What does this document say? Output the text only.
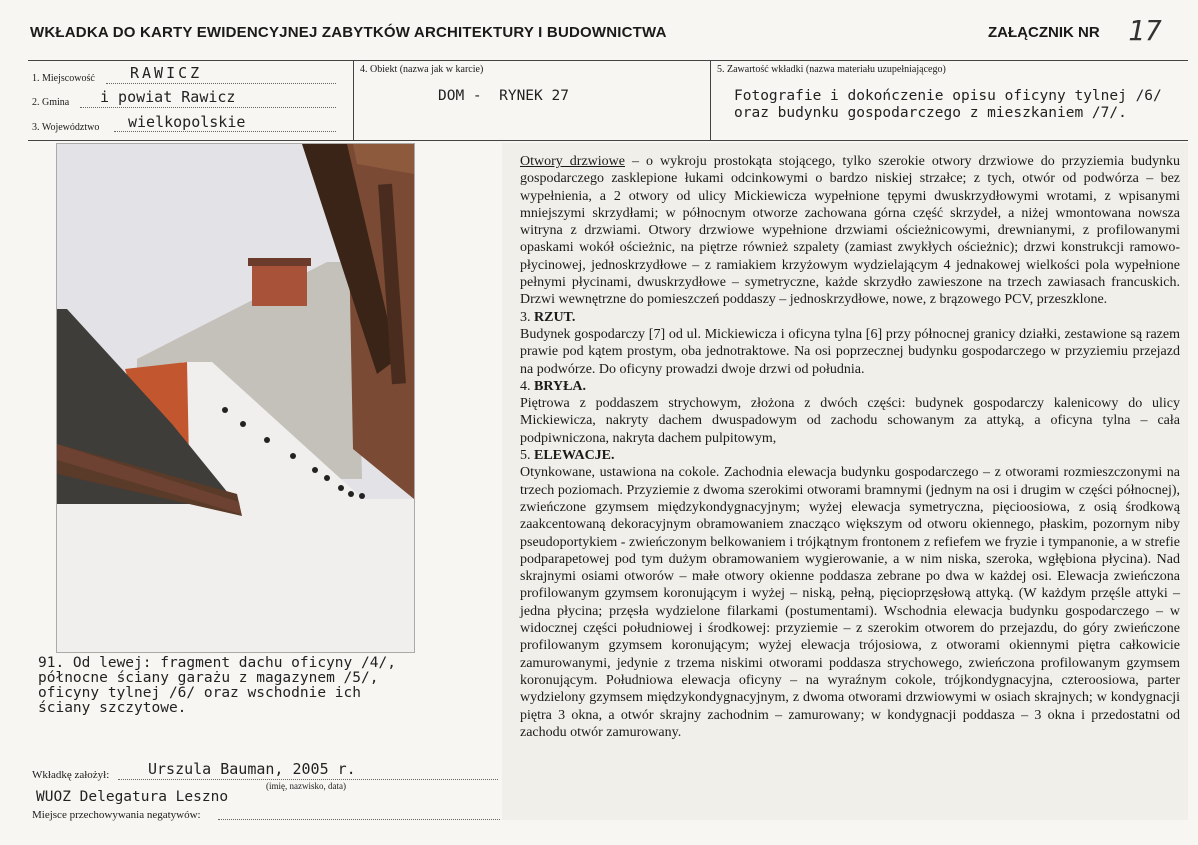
WKŁADKA DO KARTY EWIDENCYJNEJ ZABYTKÓW ARCHITEKTURY I BUDOWNICTWA	ZAŁĄCZNIK NR 17
1. Miejscowość RAWICZ
2. Gmina i powiat Rawicz
3. Województwo wielkopolskie
4. Obiekt (nazwa jak w karcie)
DOM -  RYNEK 27
5. Zawartość wkładki (nazwa materiału uzupełniającego)
Fotografie i dokończenie opisu oficyny tylnej /6/
oraz budynku gospodarczego z mieszkaniem /7/.
91. Od lewej: fragment dachu oficyny /4/,
północne ściany garażu z magazynem /5/,
oficyny tylnej /6/ oraz wschodnie ich
ściany szczytowe.
Wkładkę założył:	Urszula Bauman, 2005 r.
(imię, nazwisko, data)
WUOZ Delegatura Leszno
Miejsce przechowywania negatywów:

Otwory drzwiowe – o wykroju prostokąta stojącego, tylko szerokie otwory drzwiowe do przyziemia budynku gospodarczego zasklepione łukami odcinkowymi o bardzo niskiej strzałce; z tych, otwór od podwórza – bez wypełnienia, a 2 otwory od ulicy Mickiewicza wypełnione tępymi dwuskrzydłowymi wrotami, z wpisanymi mniejszymi skrzydłami; w północnym otworze zachowana górna część skrzydeł, a niżej wmontowana nowsza witryna z drzwiami. Otwory drzwiowe wypełnione drzwiami ościeżnicowymi, drewnianymi, z profilowanymi opaskami wokół ościeżnic, na piętrze również szpalety (zamiast zwykłych ościeżnic); drzwi konstrukcji ramowo-płycinowej, jednoskrzydłowe – z ramiakiem krzyżowym wydzielającym 4 jednakowej wielkości pola wypełnione pełnymi płycinami, dwuskrzydłowe – symetryczne, każde skrzydło zawieszone na trzech zawiasach francuskich. Drzwi wewnętrzne do pomieszczeń poddaszy – jednoskrzydłowe, nowe, z brązowego PCV, przeszklone.

3. RZUT.

Budynek gospodarczy [7] od ul. Mickiewicza i oficyna tylna [6] przy północnej granicy działki, zestawione są razem prawie pod kątem prostym, oba jednotraktowe. Na osi poprzecznej budynku gospodarczego w przyziemiu przejazd na podwórze. Do oficyny prowadzi dwoje drzwi od południa.

4. BRYŁA.

Piętrowa z poddaszem strychowym, złożona z dwóch części: budynek gospodarczy kalenicowy do ulicy Mickiewicza, nakryty dachem dwuspadowym od zachodu schowanym za attyką, a oficyna tylna – cała podpiwniczona, nakryta dachem pulpitowym,

5. ELEWACJE.

Otynkowane, ustawiona na cokole. Zachodnia elewacja budynku gospodarczego – z otworami rozmieszczonymi na trzech poziomach. Przyziemie z dwoma szerokimi otworami bramnymi (jednym na osi i drugim w części północnej), zwieńczone gzymsem międzykondygnacyjnym; wyżej elewacja symetryczna, pięcioosiowa, z osią środkową zaakcentowaną dekoracyjnym obramowaniem znacząco większym od otworu okiennego, płaskim, pozornym niby pseudoportykiem - zwieńczonym belkowaniem i trójkątnym frontonem z refiefem we fryzie i tympanonie, a w strefie podparapetowej pod tym dużym obramowaniem wygierowanie, a w nim niska, szeroka, wgłębiona płycina). Nad skrajnymi osiami otworów – małe otwory okienne poddasza zebrane po dwa w każdej osi. Elewacja zwieńczona profilowanym gzymsem koronującym i wyżej – niską, pełną, pięcioprzęsłową attyką. (W każdym przęśle attyki – jedna płycina; przęsła wydzielone filarkami (postumentami). Wschodnia elewacja budynku gospodarczego – w widocznej części południowej i środkowej: przyziemie – z szerokim otworem do przejazdu, do góry zwieńczone profilowanym gzymsem koronującym; wyżej elewacja trójosiowa, z otworami okiennymi piętra całkowicie zamurowanymi, jedynie z trzema niskimi otworami poddasza strychowego, zwieńczona profilowanym gzymsem koronującym. Południowa elewacja oficyny – na wyraźnym cokole, trójkondygnacyjna, czteroosiowa, parter wydzielony gzymsem międzykondygnacyjnym, z dwoma otworami drzwiowymi w osiach skrajnych; w kondygnacji piętra 3 okna, a otwór skrajny zachodnim – zamurowany; w kondygnacji poddasza – 3 okna i przedostatni od zachodu otwór zamurowany.
